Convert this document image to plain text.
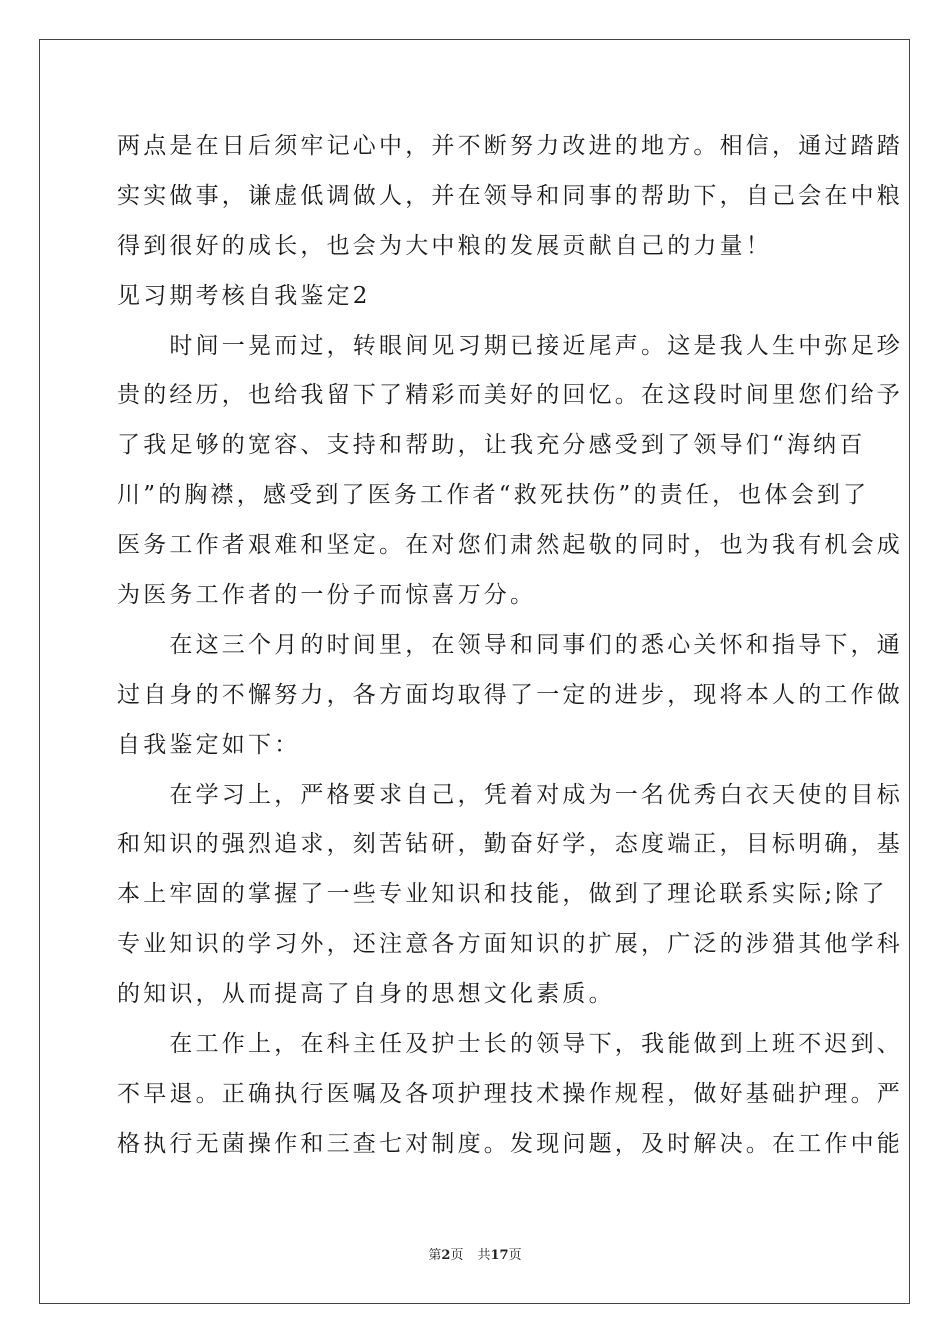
两点是在日后须牢记心中，并不断努力改进的地方。相信，通过踏踏
实实做事，谦虚低调做人，并在领导和同事的帮助下，自己会在中粮
得到很好的成长，也会为大中粮的发展贡献自己的力量！
见习期考核自我鉴定2
　　时间一晃而过，转眼间见习期已接近尾声。这是我人生中弥足珍
贵的经历，也给我留下了精彩而美好的回忆。在这段时间里您们给予
了我足够的宽容、支持和帮助，让我充分感受到了领导们“海纳百
川”的胸襟，感受到了医务工作者“救死扶伤”的责任，也体会到了
医务工作者艰难和坚定。在对您们肃然起敬的同时，也为我有机会成
为医务工作者的一份子而惊喜万分。
　　在这三个月的时间里，在领导和同事们的悉心关怀和指导下，通
过自身的不懈努力，各方面均取得了一定的进步，现将本人的工作做
自我鉴定如下：
　　在学习上，严格要求自己，凭着对成为一名优秀白衣天使的目标
和知识的强烈追求，刻苦钻研，勤奋好学，态度端正，目标明确，基
本上牢固的掌握了一些专业知识和技能，做到了理论联系实际;除了
专业知识的学习外，还注意各方面知识的扩展，广泛的涉猎其他学科
的知识，从而提高了自身的思想文化素质。
　　在工作上，在科主任及护士长的领导下，我能做到上班不迟到、
不早退。正确执行医嘱及各项护理技术操作规程，做好基础护理。严
格执行无菌操作和三查七对制度。发现问题，及时解决。在工作中能
第2页 共17页
